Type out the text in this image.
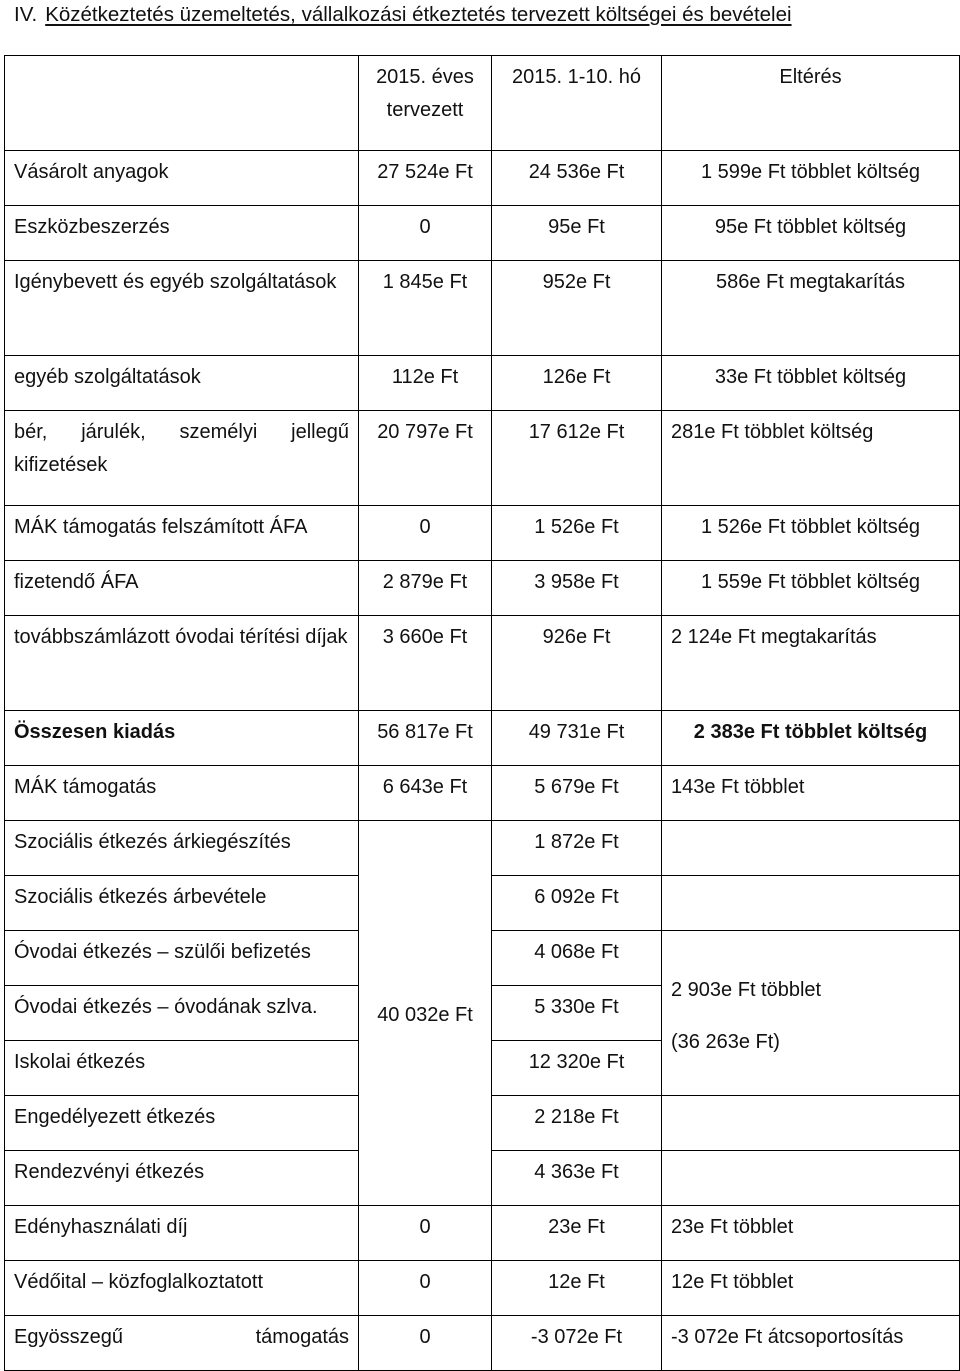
IV. Közétkeztetés üzemeltetés, vállalkozási étkeztetés tervezett költségei és bevételei
	2015. éves tervezett	2015. 1-10. hó	Eltérés
Vásárolt anyagok	27 524e Ft	24 536e Ft	1 599e Ft többlet költség
Eszközbeszerzés	0	95e Ft	95e Ft többlet költség
Igénybevett és egyéb szolgáltatások	1 845e Ft	952e Ft	586e Ft megtakarítás
egyéb szolgáltatások	112e Ft	126e Ft	33e Ft többlet költség
bér, járulék, személyi jellegű kifizetések	20 797e Ft	17 612e Ft	281e Ft többlet költség
MÁK támogatás felszámított ÁFA	0	1 526e Ft	1 526e Ft többlet költség
fizetendő ÁFA	2 879e Ft	3 958e Ft	1 559e Ft többlet költség
továbbszámlázott óvodai térítési díjak	3 660e Ft	926e Ft	2 124e Ft megtakarítás
Összesen kiadás	56 817e Ft	49 731e Ft	2 383e Ft többlet költség
MÁK támogatás	6 643e Ft	5 679e Ft	143e Ft többlet
Szociális étkezés árkiegészítés	40 032e Ft	1 872e Ft	
Szociális étkezés árbevétele		6 092e Ft	
Óvodai étkezés – szülői befizetés		4 068e Ft	2 903e Ft többlet
(36 263e Ft)

Óvodai étkezés – óvodának szlva.		5 330e Ft	
Iskolai étkezés		12 320e Ft	
Engedélyezett étkezés		2 218e Ft	
Rendezvényi étkezés		4 363e Ft	
Edényhasználati díj	0	23e Ft	23e Ft többlet
Védőital – közfoglalkoztatott	0	12e Ft	12e Ft többlet
Egyösszegű támogatás	0	-3 072e Ft	-3 072e Ft átcsoportosítás
